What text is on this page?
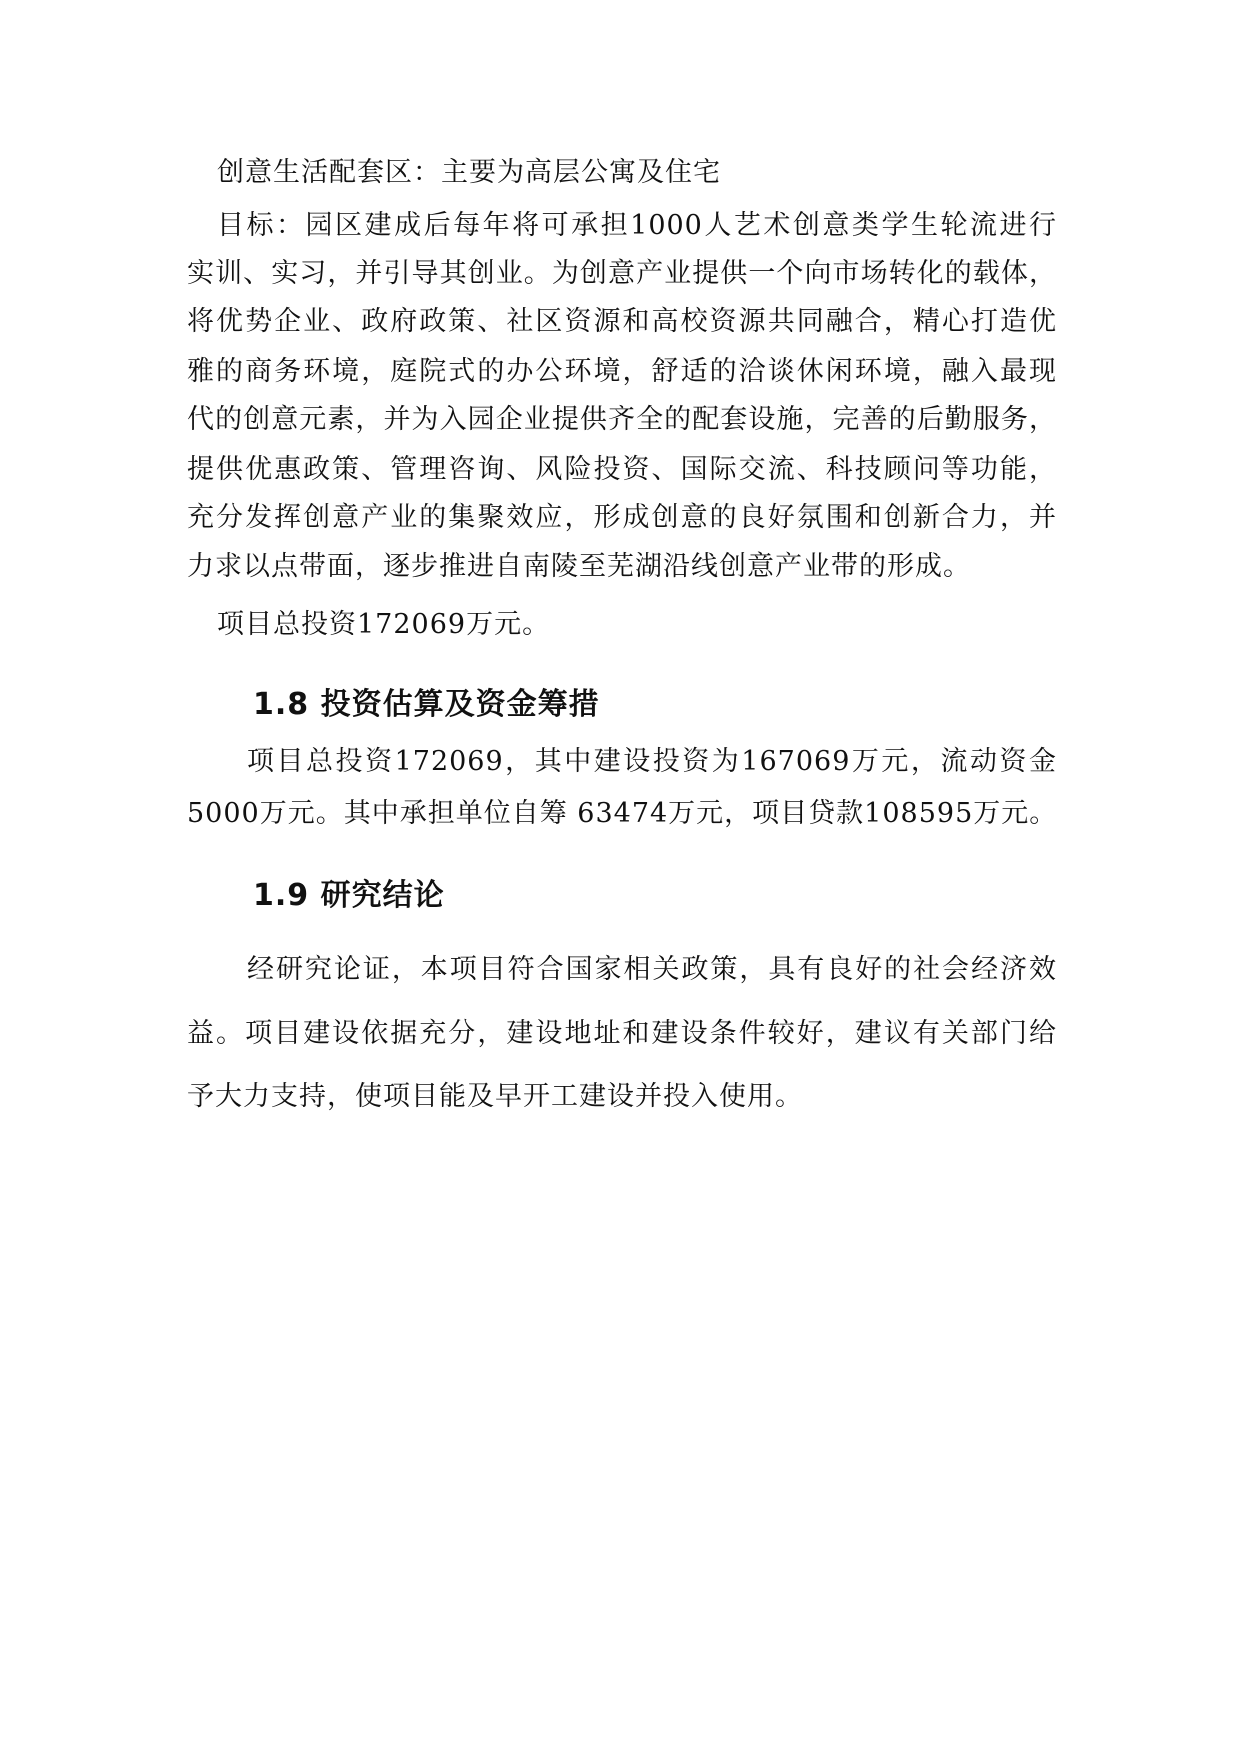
创意生活配套区：主要为高层公寓及住宅
目标：园区建成后每年将可承担1000人艺术创意类学生轮流进行
实训、实习，并引导其创业。为创意产业提供一个向市场转化的载体，
将优势企业、政府政策、社区资源和高校资源共同融合，精心打造优
雅的商务环境，庭院式的办公环境，舒适的洽谈休闲环境，融入最现
代的创意元素，并为入园企业提供齐全的配套设施，完善的后勤服务，
提供优惠政策、管理咨询、风险投资、国际交流、科技顾问等功能，
充分发挥创意产业的集聚效应，形成创意的良好氛围和创新合力，并
力求以点带面，逐步推进自南陵至芜湖沿线创意产业带的形成。
项目总投资172069万元。
1.8 投资估算及资金筹措
项目总投资172069，其中建设投资为167069万元，流动资金
5000万元。其中承担单位自筹 63474万元，项目贷款108595万元。
1.9 研究结论
经研究论证，本项目符合国家相关政策，具有良好的社会经济效
益。项目建设依据充分，建设地址和建设条件较好，建议有关部门给
予大力支持，使项目能及早开工建设并投入使用。
